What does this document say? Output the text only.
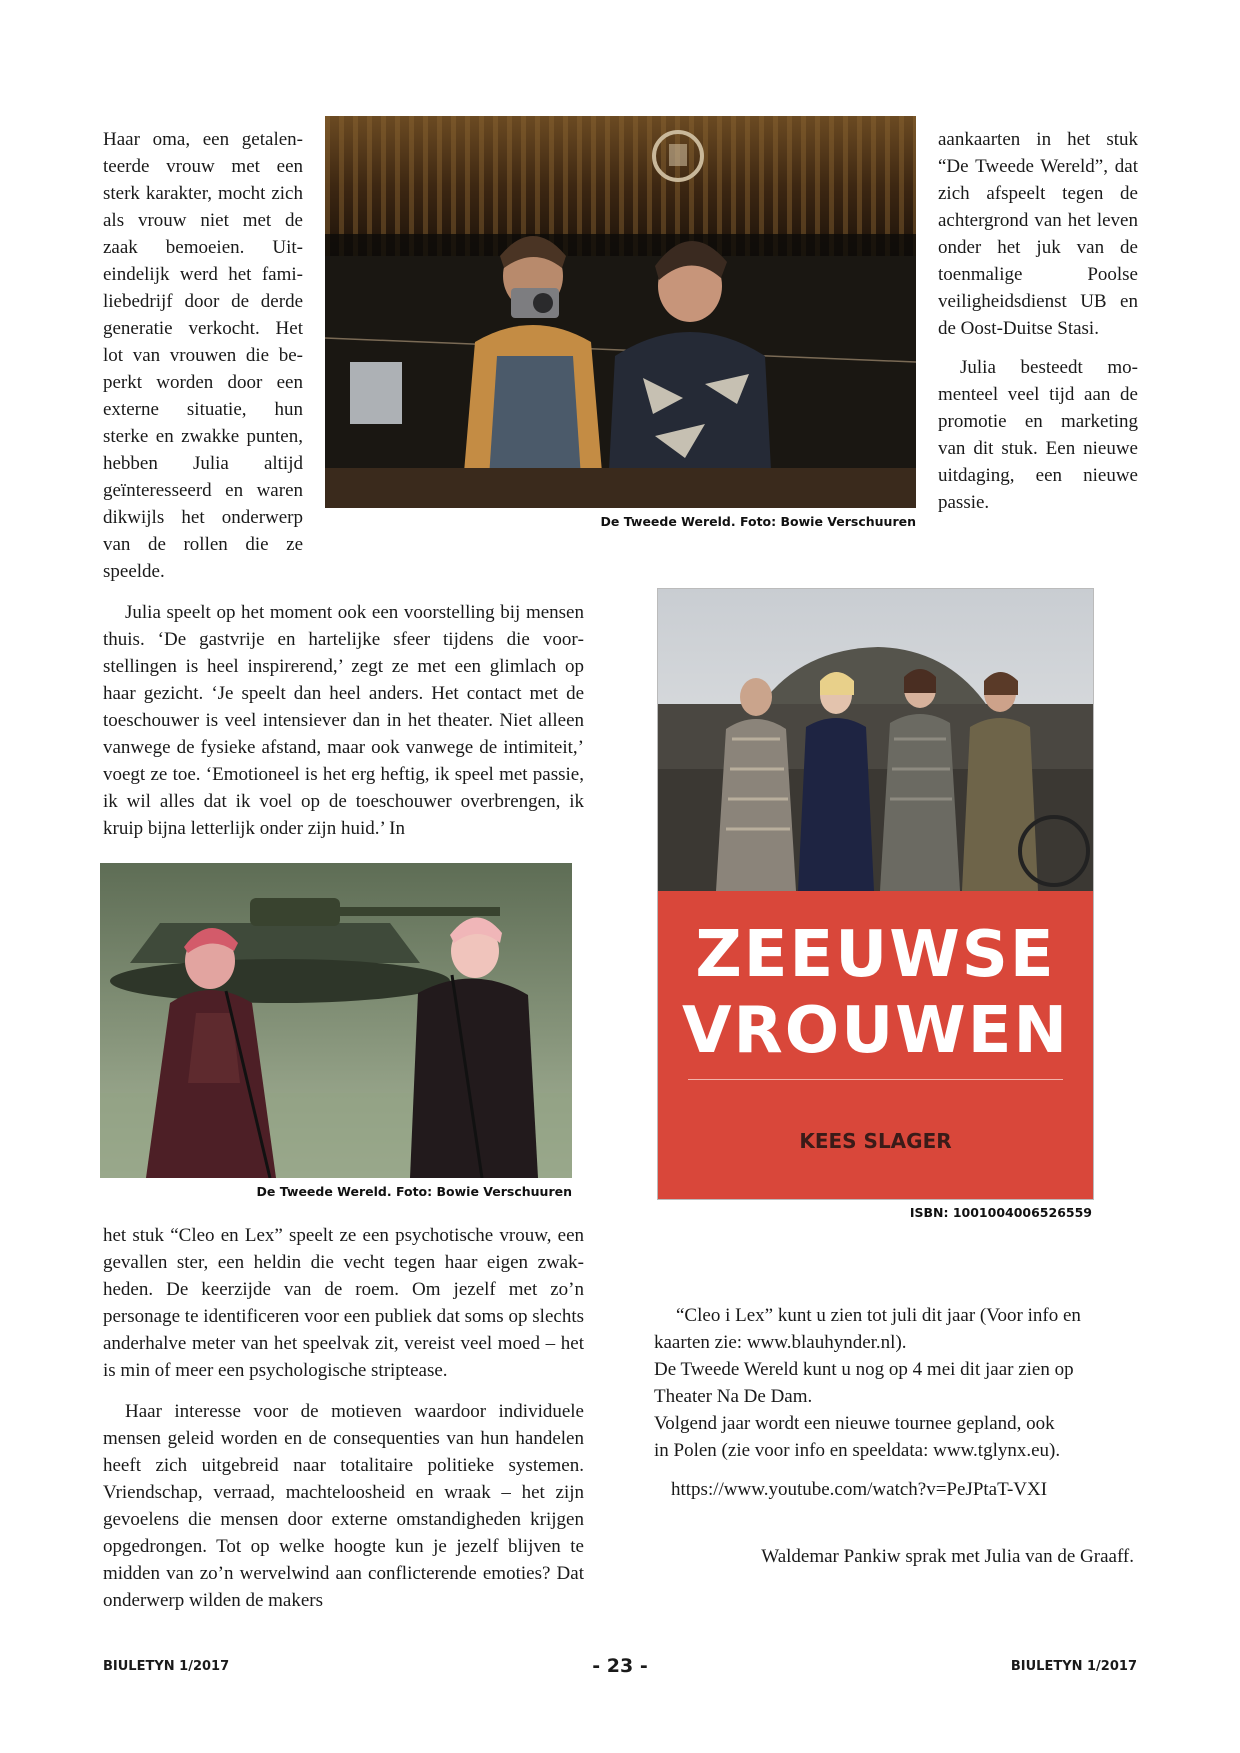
Haar oma, een getalenteerde vrouw met een sterk karakter, mocht zich als vrouw niet met de zaak bemoeien. Uiteindelijk werd het familiebedrijf door de derde generatie verkocht. Het lot van vrouwen die beperkt worden door een externe situatie, hun sterke en zwakke punten, hebben Julia altijd geïnteresseerd en waren dikwijls het onderwerp van de rollen die ze speelde.

De Tweede Wereld. Foto: Bowie Verschuuren

aankaarten in het stuk “De Tweede Wereld”, dat zich afspeelt tegen de achtergrond van het leven onder het juk van de toenmalige Poolse veiligheidsdienst UB en de Oost-Duitse Stasi.

Julia besteedt momenteel veel tijd aan de promotie en marketing van dit stuk. Een nieuwe uitdaging, een nieuwe passie.

Julia speelt op het moment ook een voorstelling bij mensen thuis. ‘De gastvrije en hartelijke sfeer tijdens die voorstellingen is heel inspirerend,’ zegt ze met een glimlach op haar gezicht. ‘Je speelt dan heel anders. Het contact met de toeschouwer is veel intensiever dan in het theater. Niet alleen vanwege de fysieke afstand, maar ook vanwege de intimiteit,’ voegt ze toe. ‘Emotioneel is het erg heftig, ik speel met passie, ik wil alles dat ik voel op de toeschouwer overbrengen, ik kruip bijna letterlijk onder zijn huid.’ In

De Tweede Wereld. Foto: Bowie Verschuuren

het stuk “Cleo en Lex” speelt ze een psychotische vrouw, een gevallen ster, een heldin die vecht tegen haar eigen zwak-heden. De keerzijde van de roem. Om jezelf met zo’n personage te identificeren voor een publiek dat soms op slechts anderhalve meter van het speelvak zit, vereist veel moed – het is min of meer een psychologische striptease.

Haar interesse voor de motieven waardoor individuele mensen geleid worden en de consequenties van hun handelen heeft zich uitgebreid naar totalitaire politieke systemen. Vriendschap, verraad, machteloosheid en wraak – het zijn gevoelens die mensen door externe omstandigheden krijgen opgedrongen. Tot op welke hoogte kun je jezelf blijven te midden van zo’n wervelwind aan conflicterende emoties? Dat onderwerp wilden de makers

ZEEUWSE
VROUWEN
KEES SLAGER
ISBN: 1001004006526559

“Cleo i Lex” kunt u zien tot juli dit jaar (Voor info en

kaarten zie: www.blauhynder.nl).

De Tweede Wereld kunt u nog op 4 mei dit jaar zien op

Theater Na De Dam.

Volgend jaar wordt een nieuwe tournee gepland, ook

in Polen (zie voor info en speeldata: www.tglynx.eu).

https://www.youtube.com/watch?v=PeJPtaT-VXI

Waldemar Pankiw sprak met Julia van de Graaff.
BIULETYN 1/2017	- 23 -	BIULETYN 1/2017
